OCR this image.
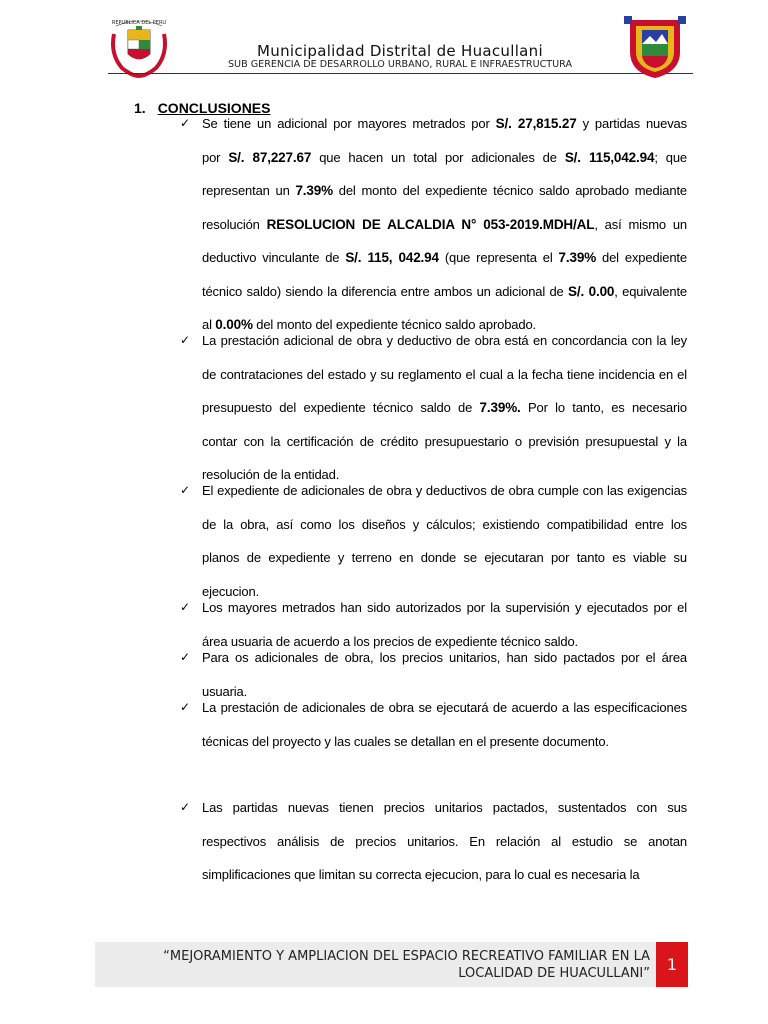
REPUBLICA DEL PERU
Municipalidad Distrital de Huacullani
SUB GERENCIA DE DESARROLLO URBANO, RURAL E INFRAESTRUCTURA
1. CONCLUSIONES
✓ Se tiene un adicional por mayores metrados por S/. 27,815.27 y partidas nuevas
por S/. 87,227.67 que hacen un total por adicionales de S/. 115,042.94; que
representan un 7.39% del monto del expediente técnico saldo aprobado mediante
resolución RESOLUCION DE ALCALDIA N° 053-2019.MDH/AL, así mismo un
deductivo vinculante de S/. 115, 042.94 (que representa el 7.39% del expediente
técnico saldo) siendo la diferencia entre ambos un adicional de S/. 0.00, equivalente
al 0.00% del monto del expediente técnico saldo aprobado.
✓ La prestación adicional de obra y deductivo de obra está en concordancia con la ley
de contrataciones del estado y su reglamento el cual a la fecha tiene incidencia en el
presupuesto del expediente técnico saldo de 7.39%. Por lo tanto, es necesario
contar con la certificación de crédito presupuestario o previsión presupuestal y la
resolución de la entidad.
✓ El expediente de adicionales de obra y deductivos de obra cumple con las exigencias
de la obra, así como los diseños y cálculos; existiendo compatibilidad entre los
planos de expediente y terreno en donde se ejecutaran por tanto es viable su
ejecucion.
✓ Los mayores metrados han sido autorizados por la supervisión y ejecutados por el
área usuaria de acuerdo a los precios de expediente técnico saldo.
✓ Para os adicionales de obra, los precios unitarios, han sido pactados por el área
usuaria.
✓ La prestación de adicionales de obra se ejecutará de acuerdo a las especificaciones
técnicas del proyecto y las cuales se detallan en el presente documento.
✓ Las partidas nuevas tienen precios unitarios pactados, sustentados con sus
respectivos análisis de precios unitarios. En relación al estudio se anotan
simplificaciones que limitan su correcta ejecucion, para lo cual es necesaria la
“MEJORAMIENTO Y AMPLIACION DEL ESPACIO RECREATIVO FAMILIAR EN LA
LOCALIDAD DE HUACULLANI”	1
